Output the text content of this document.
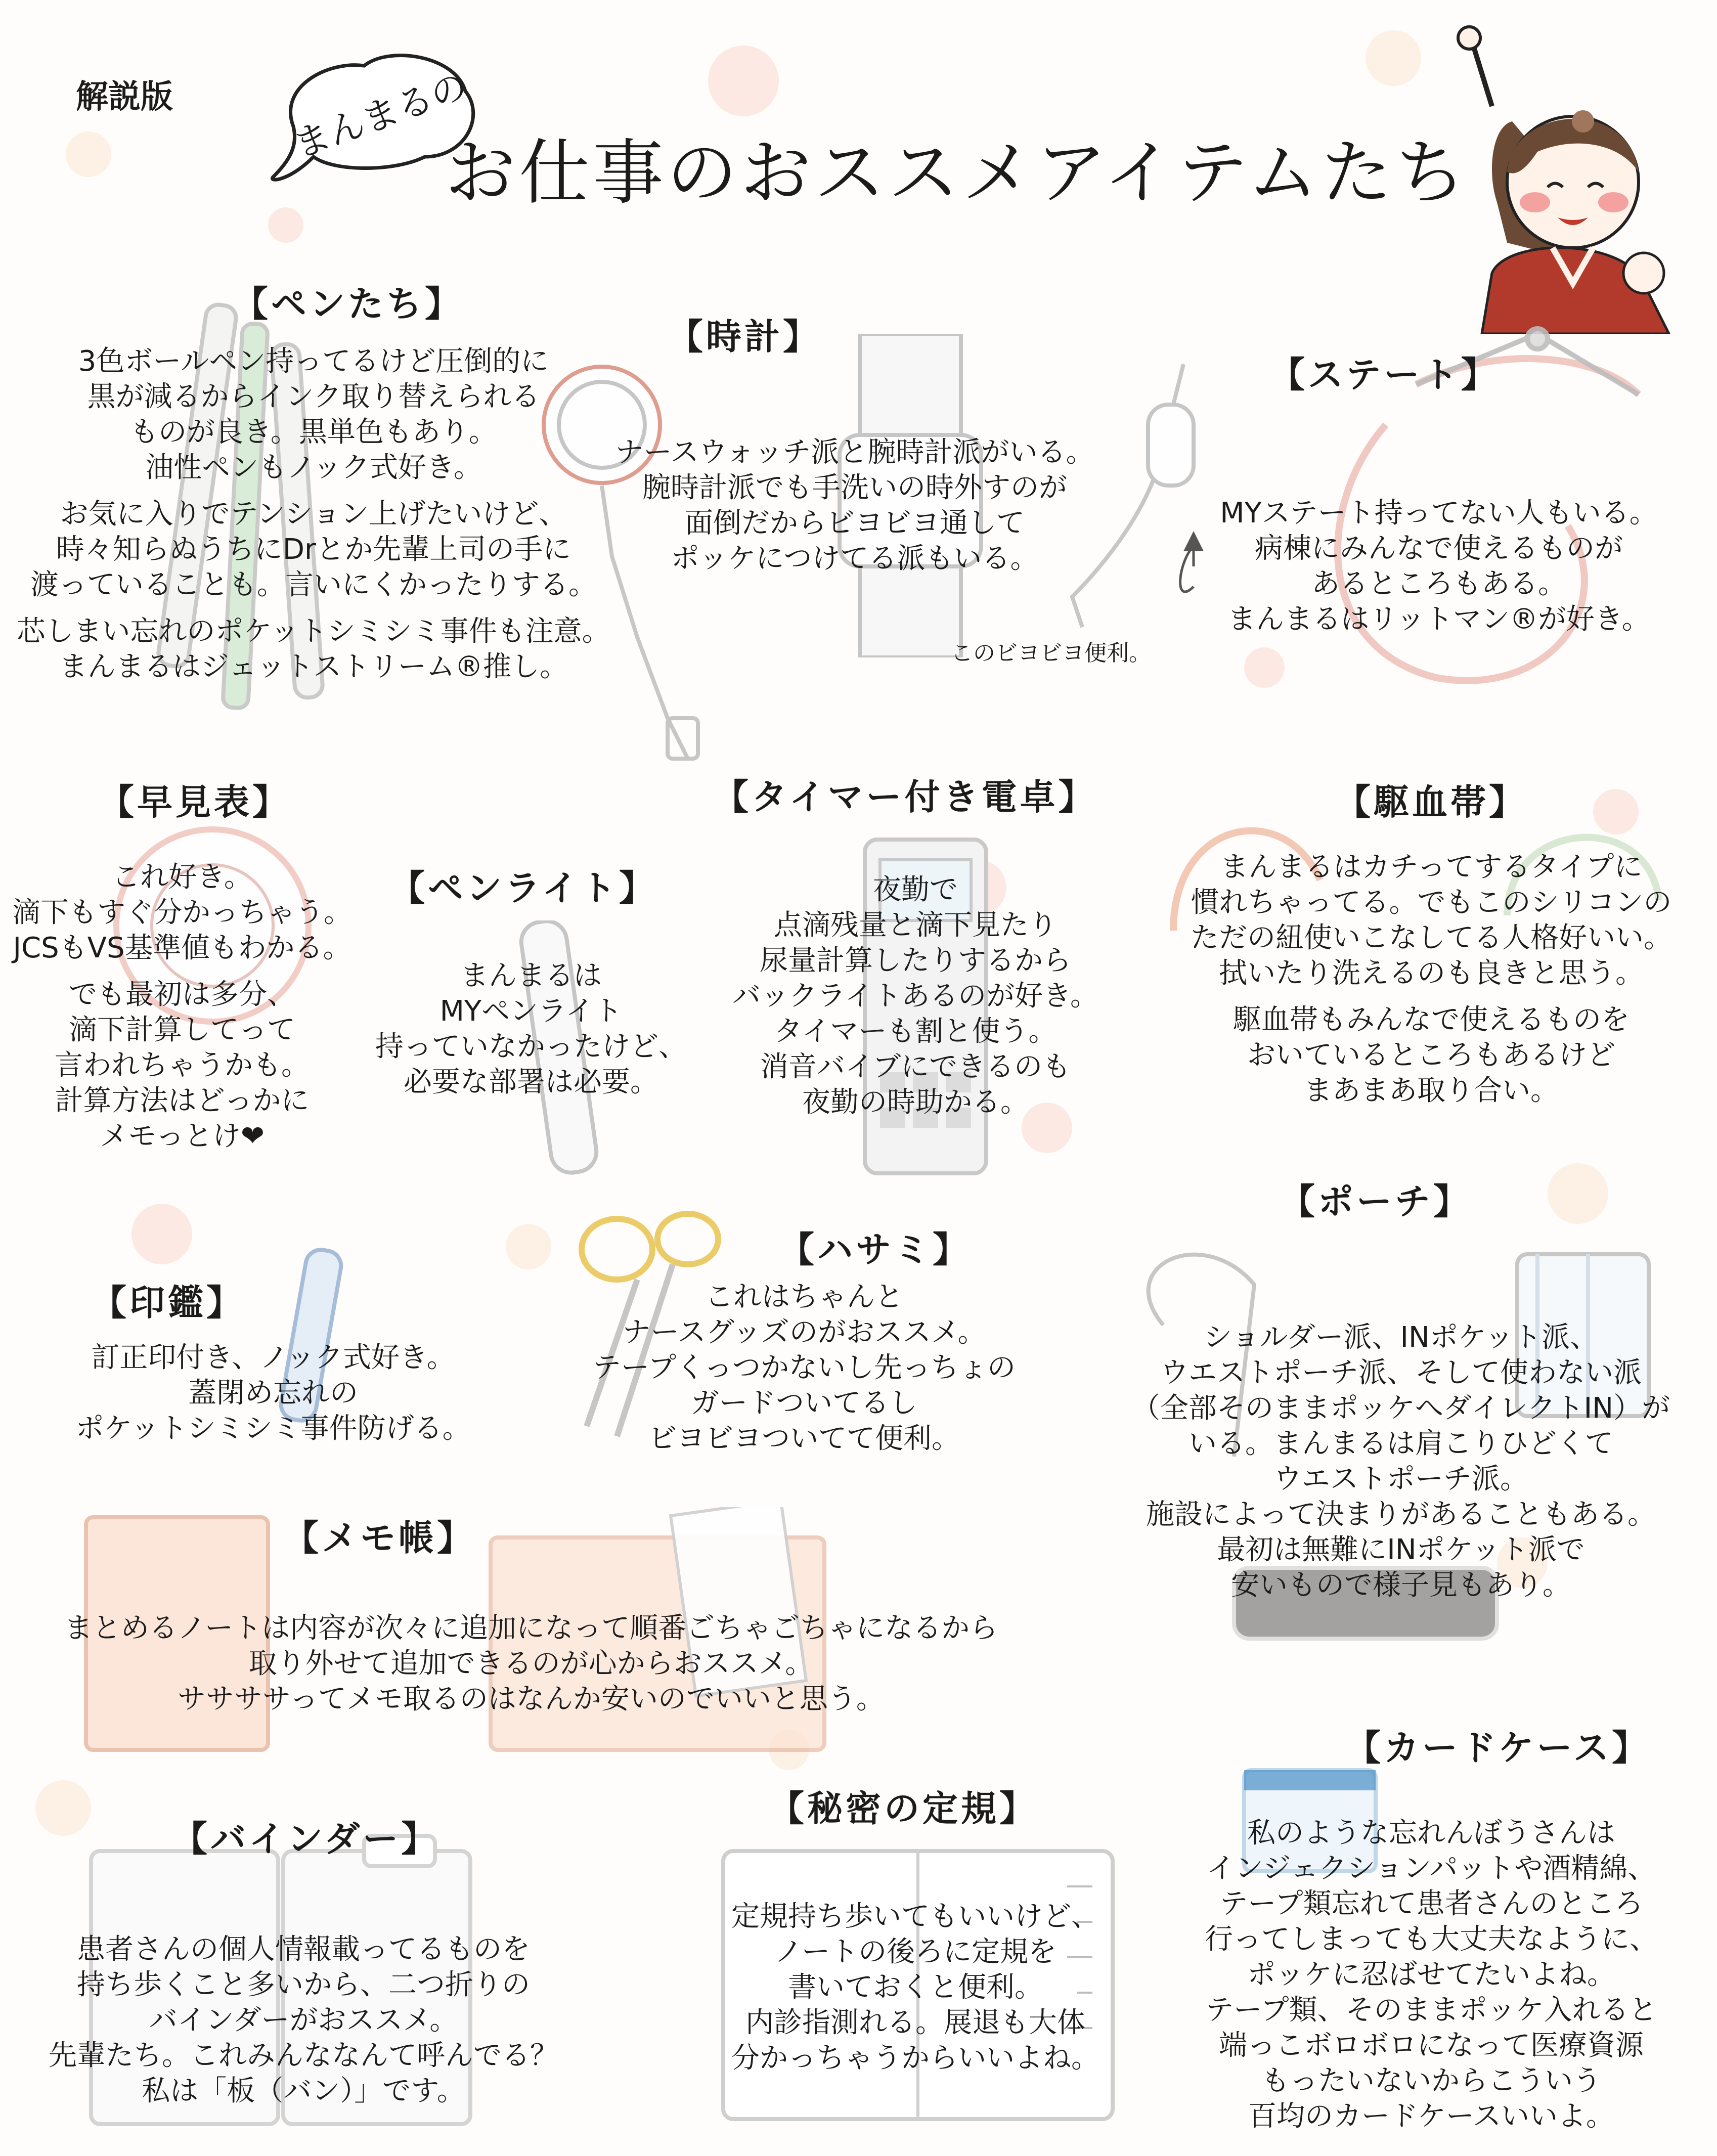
解説版	まんまるの
お仕事のおススメアイテムたち
【ペンたち】
3色ボールペン持ってるけど圧倒的に
黒が減るからインク取り替えられる
ものが良き。黒単色もあり。
油性ペンもノック式好き。
お気に入りでテンション上げたいけど、
時々知らぬうちにDrとか先輩上司の手に
渡っていることも。言いにくかったりする。
芯しまい忘れのポケットシミシミ事件も注意。
まんまるはジェットストリーム®推し。
【時計】
ナースウォッチ派と腕時計派がいる。
腕時計派でも手洗いの時外すのが
面倒だからビヨビヨ通して
ポッケにつけてる派もいる。
このビヨビヨ便利。
【ステート】
MYステート持ってない人もいる。
病棟にみんなで使えるものが
あるところもある。
まんまるはリットマン®が好き。
【早見表】
これ好き。
滴下もすぐ分かっちゃう。
JCSもVS基準値もわかる。
でも最初は多分、
滴下計算してって
言われちゃうかも。
計算方法はどっかに
メモっとけ❤
【ペンライト】
まんまるは
MYペンライト
持っていなかったけど、
必要な部署は必要。
【タイマー付き電卓】
夜勤で
点滴残量と滴下見たり
尿量計算したりするから
バックライトあるのが好き。
タイマーも割と使う。
消音バイブにできるのも
夜勤の時助かる。
【駆血帯】
まんまるはカチってするタイプに
慣れちゃってる。でもこのシリコンの
ただの紐使いこなしてる人格好いい。
拭いたり洗えるのも良きと思う。
駆血帯もみんなで使えるものを
おいているところもあるけど
まあまあ取り合い。
【ポーチ】
ショルダー派、INポケット派、
ウエストポーチ派、そして使わない派
（全部そのままポッケへダイレクトIN）が
いる。まんまるは肩こりひどくて
ウエストポーチ派。
施設によって決まりがあることもある。
最初は無難にINポケット派で
安いもので様子見もあり。
【印鑑】
訂正印付き、ノック式好き。
蓋閉め忘れの
ポケットシミシミ事件防げる。
【ハサミ】
これはちゃんと
ナースグッズのがおススメ。
テープくっつかないし先っちょの
ガードついてるし
ビヨビヨついてて便利。
【メモ帳】
まとめるノートは内容が次々に追加になって順番ごちゃごちゃになるから
取り外せて追加できるのが心からおススメ。
ササササってメモ取るのはなんか安いのでいいと思う。
【バインダー】
患者さんの個人情報載ってるものを
持ち歩くこと多いから、二つ折りの
バインダーがおススメ。
先輩たち。これみんななんて呼んでる？
私は「板（バン）」です。
【秘密の定規】
定規持ち歩いてもいいけど、
ノートの後ろに定規を
書いておくと便利。
内診指測れる。展退も大体
分かっちゃうからいいよね。
【カードケース】
私のような忘れんぼうさんは
インジェクションパットや酒精綿、
テープ類忘れて患者さんのところ
行ってしまっても大丈夫なように、
ポッケに忍ばせてたいよね。
テープ類、そのままポッケ入れると
端っこボロボロになって医療資源
もったいないからこういう
百均のカードケースいいよ。
